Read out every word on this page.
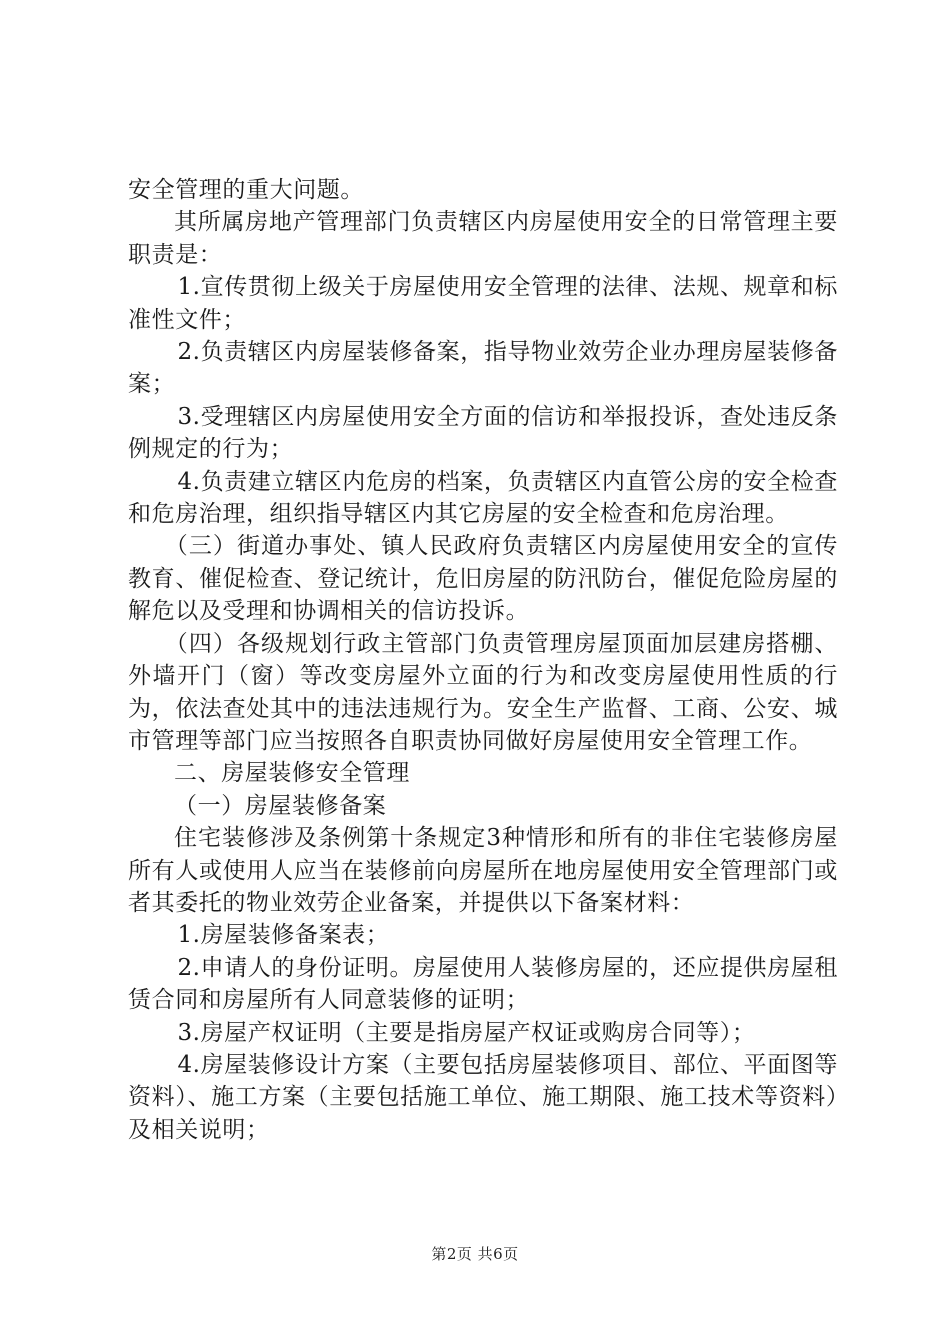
安全管理的重大问题。

其所属房地产管理部门负责辖区内房屋使用安全的日常管理主要职责是：

1.宣传贯彻上级关于房屋使用安全管理的法律、法规、规章和标准性文件；

2.负责辖区内房屋装修备案，指导物业效劳企业办理房屋装修备案；

3.受理辖区内房屋使用安全方面的信访和举报投诉，查处违反条例规定的行为；

4.负责建立辖区内危房的档案，负责辖区内直管公房的安全检查和危房治理，组织指导辖区内其它房屋的安全检查和危房治理。

（三）街道办事处、镇人民政府负责辖区内房屋使用安全的宣传教育、催促检查、登记统计，危旧房屋的防汛防台，催促危险房屋的解危以及受理和协调相关的信访投诉。

（四）各级规划行政主管部门负责管理房屋顶面加层建房搭棚、外墙开门（窗）等改变房屋外立面的行为和改变房屋使用性质的行为，依法查处其中的违法违规行为。安全生产监督、工商、公安、城市管理等部门应当按照各自职责协同做好房屋使用安全管理工作。

二、房屋装修安全管理

（一）房屋装修备案

住宅装修涉及条例第十条规定3种情形和所有的非住宅装修房屋所有人或使用人应当在装修前向房屋所在地房屋使用安全管理部门或者其委托的物业效劳企业备案，并提供以下备案材料：

1.房屋装修备案表；

2.申请人的身份证明。房屋使用人装修房屋的，还应提供房屋租赁合同和房屋所有人同意装修的证明；

3.房屋产权证明（主要是指房屋产权证或购房合同等）；

4.房屋装修设计方案（主要包括房屋装修项目、部位、平面图等资料）、施工方案（主要包括施工单位、施工期限、施工技术等资料）及相关说明；

第2页 共6页
